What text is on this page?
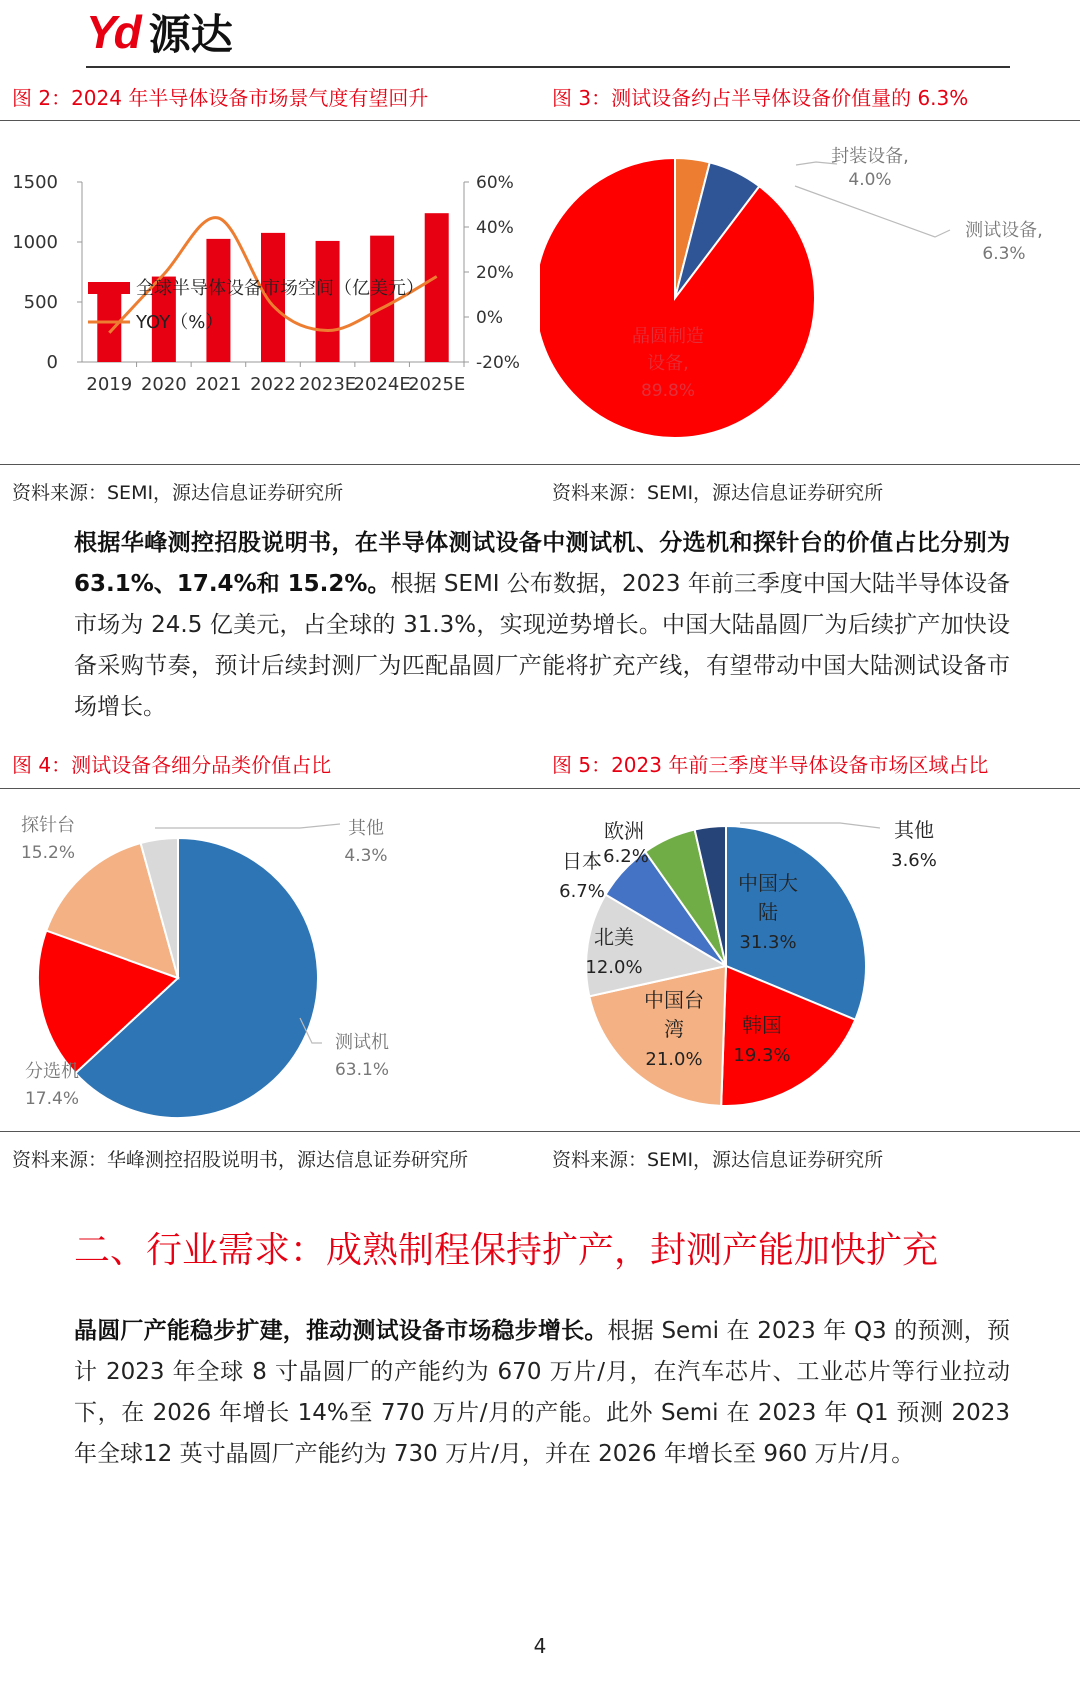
Yd 源达
图 2：2024 年半导体设备市场景气度有望回升	图 3：测试设备约占半导体设备价值量的 6.3%
0
500
1000
1500
-20%
0%
20%
40%
60%
2019 2020 2021 2022 2023E
2024E
2025E
全球半导体设备市场空间（亿美元）
YOY（%）
封装设备,
4.0%
测试设备,
6.3%
晶圆制造
设备,
89.8%
资料来源：SEMI，源达信息证券研究所	资料来源：SEMI，源达信息证券研究所
根据华峰测控招股说明书，在半导体测试设备中测试机、分选机和探针台的价值占比分别为63.1%、17.4%和 15.2%。根据 SEMI 公布数据，2023 年前三季度中国大陆半导体设备市场为 24.5 亿美元，占全球的 31.3%，实现逆势增长。中国大陆晶圆厂为后续扩产加快设备采购节奏，预计后续封测厂为匹配晶圆厂产能将扩充产线，有望带动中国大陆测试设备市场增长。
图 4：测试设备各细分品类价值占比	图 5：2023 年前三季度半导体设备市场区域占比
探针台
15.2%
其他
4.3%
测试机
63.1%
分选机
17.4%
中国大
陆
31.3%
韩国
19.3%
中国台
湾
21.0%
北美
12.0%
日本
6.7%
欧洲
6.2%
其他
3.6%
资料来源：华峰测控招股说明书，源达信息证券研究所	资料来源：SEMI，源达信息证券研究所
二、行业需求：成熟制程保持扩产，封测产能加快扩充
晶圆厂产能稳步扩建，推动测试设备市场稳步增长。根据 Semi 在 2023 年 Q3 的预测，预计 2023 年全球 8 寸晶圆厂的产能约为 670 万片/月，在汽车芯片、工业芯片等行业拉动下，在 2026 年增长 14%至 770 万片/月的产能。此外 Semi 在 2023 年 Q1 预测 2023 年全球12 英寸晶圆厂产能约为 730 万片/月，并在 2026 年增长至 960 万片/月。
4
